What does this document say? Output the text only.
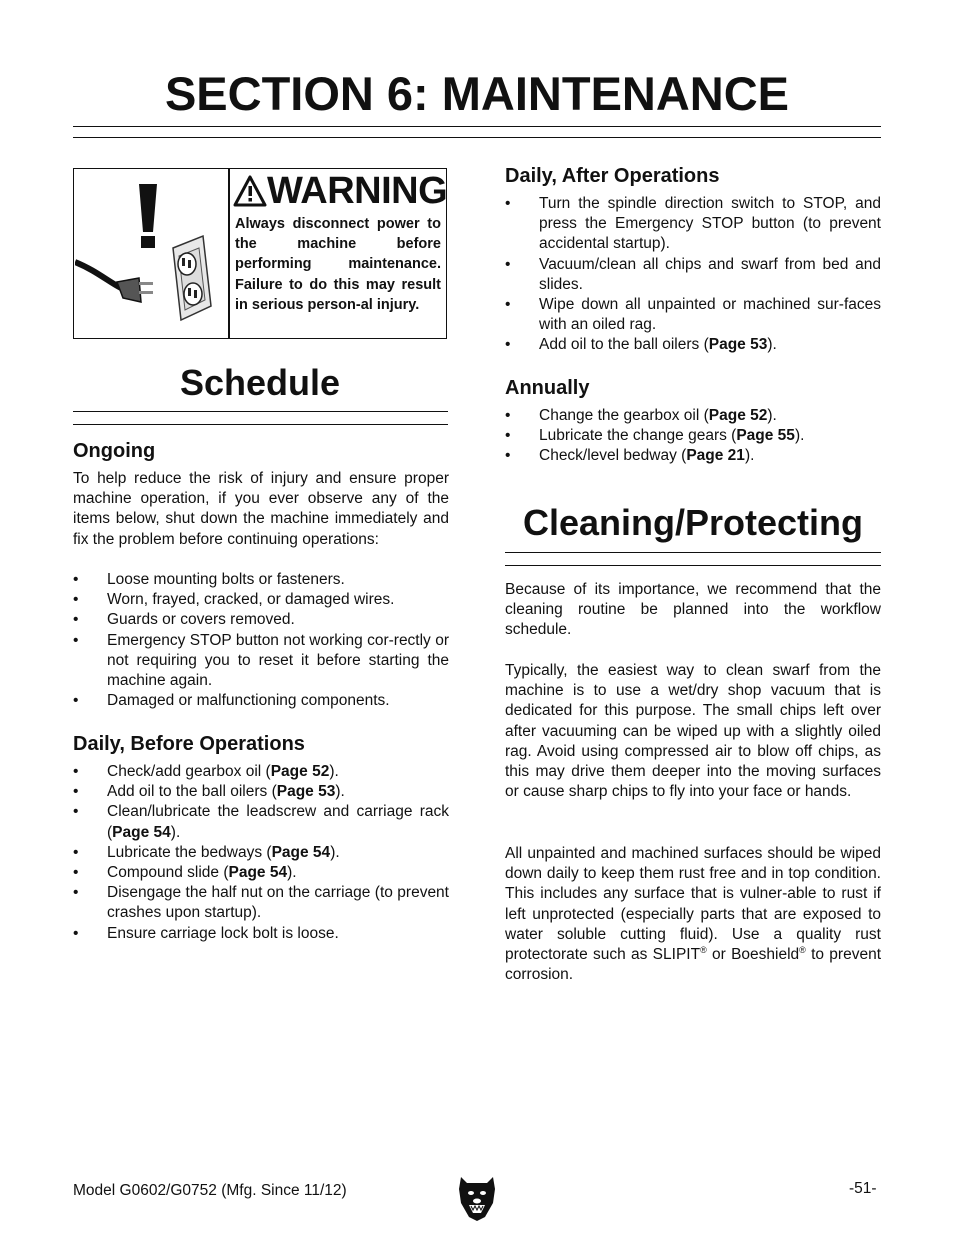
SECTION 6: MAINTENANCE
WARNING
Always disconnect power to the machine before performing maintenance. Failure to do this may result in serious person-al injury.
Schedule
Ongoing
To help reduce the risk of injury and ensure proper machine operation, if you ever observe any of the items below, shut down the machine immediately and fix the problem before continuing operations:
• Loose mounting bolts or fasteners.
• Worn, frayed, cracked, or damaged wires.
• Guards or covers removed.
• Emergency STOP button not working cor-rectly or not requiring you to reset it before starting the machine again.
• Damaged or malfunctioning components.
Daily, Before Operations
• Check/add gearbox oil (Page 52).
• Add oil to the ball oilers (Page 53).
• Clean/lubricate the leadscrew and carriage rack (Page 54).
• Lubricate the bedways (Page 54).
• Compound slide (Page 54).
• Disengage the half nut on the carriage (to prevent crashes upon startup).
• Ensure carriage lock bolt is loose.
Daily, After Operations
• Turn the spindle direction switch to STOP, and press the Emergency STOP button (to prevent accidental startup).
• Vacuum/clean all chips and swarf from bed and slides.
• Wipe down all unpainted or machined sur-faces with an oiled rag.
• Add oil to the ball oilers (Page 53).
Annually
• Change the gearbox oil (Page 52).
• Lubricate the change gears (Page 55).
• Check/level bedway (Page 21).
Cleaning/Protecting
Because of its importance, we recommend that the cleaning routine be planned into the workflow schedule.
Typically, the easiest way to clean swarf from the machine is to use a wet/dry shop vacuum that is dedicated for this purpose. The small chips left over after vacuuming can be wiped up with a slightly oiled rag. Avoid using compressed air to blow off chips, as this may drive them deeper into the moving surfaces or cause sharp chips to fly into your face or hands.
All unpainted and machined surfaces should be wiped down daily to keep them rust free and in top condition. This includes any surface that is vulner-able to rust if left unprotected (especially parts that are exposed to water soluble cutting fluid). Use a quality rust protectorate such as SLIPIT® or Boeshield® to prevent corrosion.
Model G0602/G0752 (Mfg. Since 11/12)	-51-
